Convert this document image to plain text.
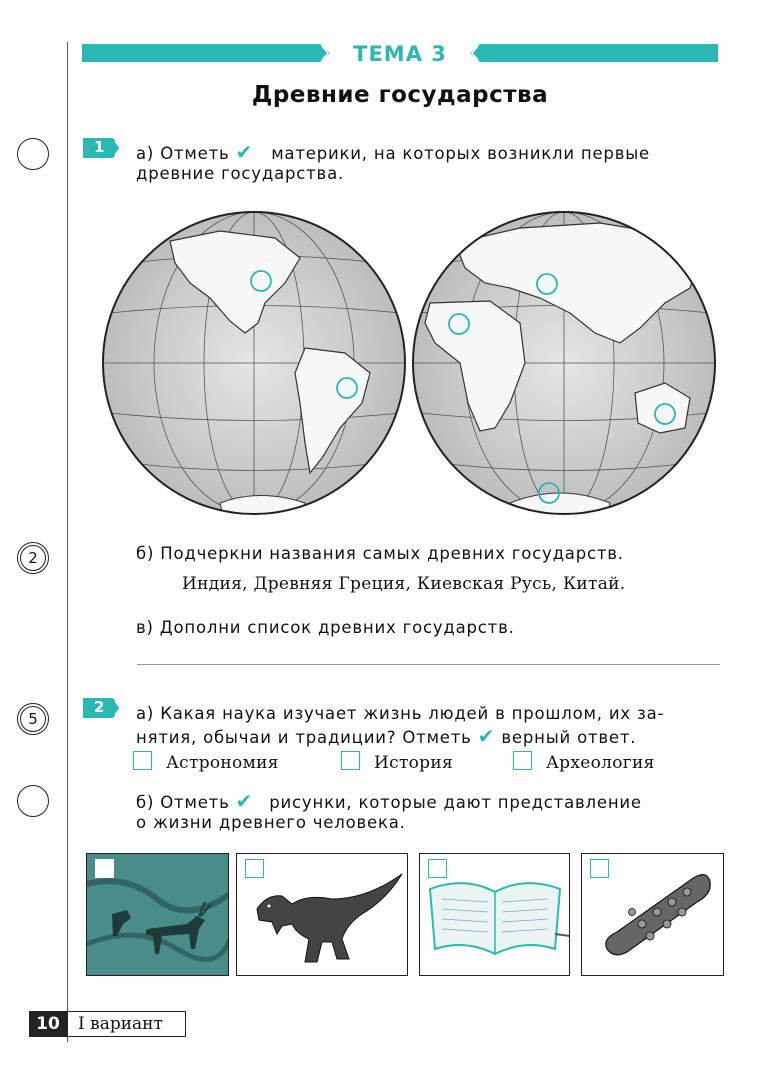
2
5
ТЕМА 3
Древние государства
1 а) Отметь ✔ материки, на которых возникли первые
древние государства.
б) Подчеркни названия самых древних государств.
Индия, Древняя Греция, Киевская Русь, Китай.
в) Дополни список древних государств.
2 а) Какая наука изучает жизнь людей в прошлом, их за-
нятия, обычаи и традиции? Отметь ✔ верный ответ.
Астрономия	История	Археология
б) Отметь ✔ рисунки, которые дают представление
о жизни древнего человека.
10	I вариант
